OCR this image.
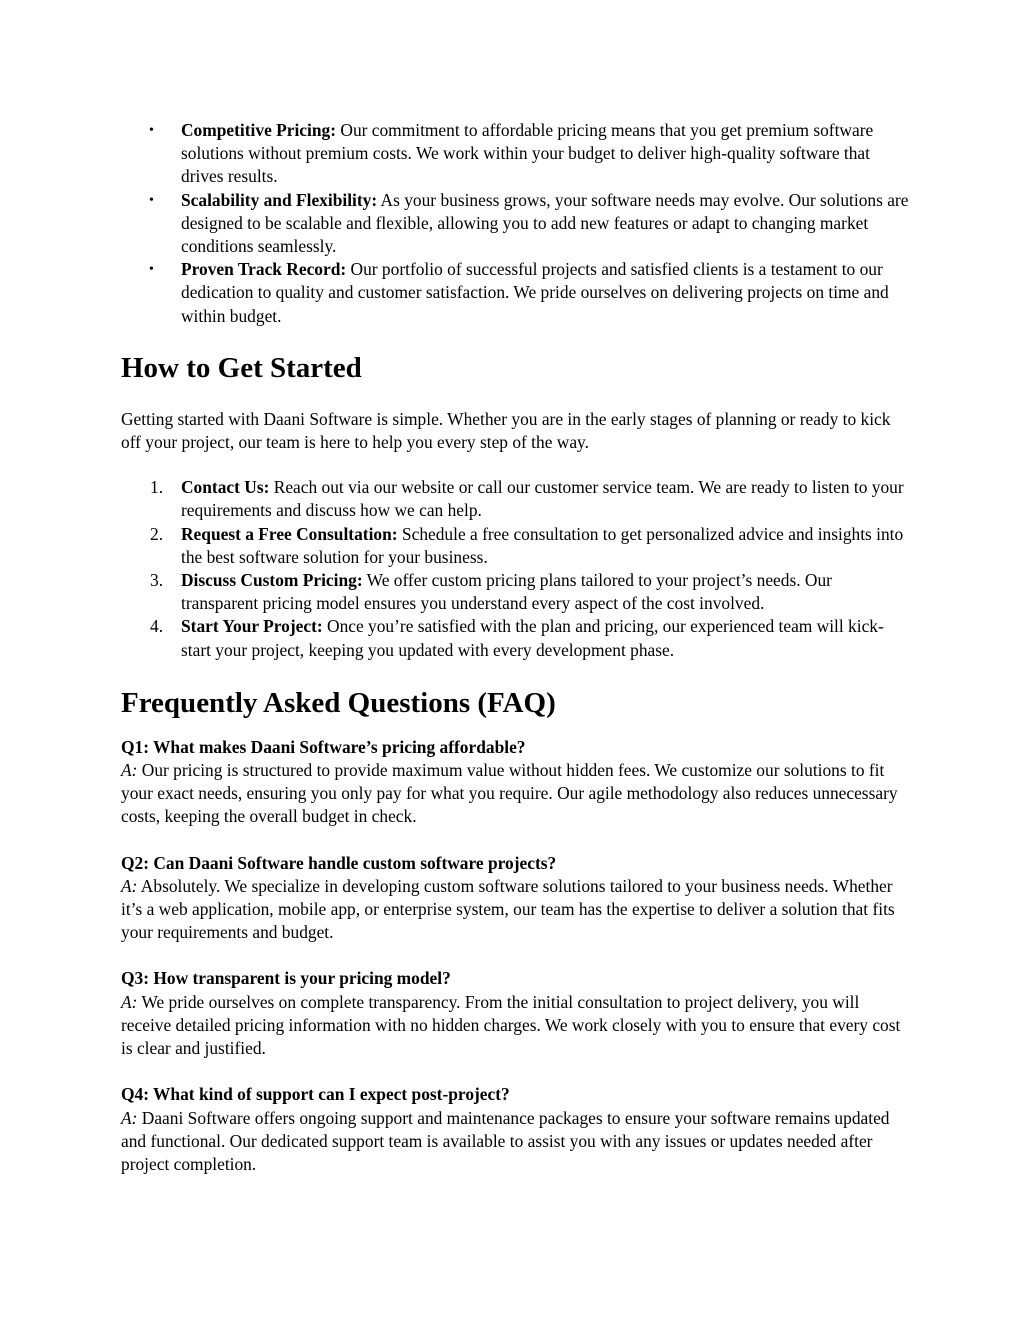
• Competitive Pricing: Our commitment to affordable pricing means that you get premium software solutions without premium costs. We work within your budget to deliver high-quality software that drives results.
• Scalability and Flexibility: As your business grows, your software needs may evolve. Our solutions are designed to be scalable and flexible, allowing you to add new features or adapt to changing market conditions seamlessly.
• Proven Track Record: Our portfolio of successful projects and satisfied clients is a testament to our dedication to quality and customer satisfaction. We pride ourselves on delivering projects on time and within budget.
How to Get Started

Getting started with Daani Software is simple. Whether you are in the early stages of planning or ready to kick off your project, our team is here to help you every step of the way.

1. Contact Us: Reach out via our website or call our customer service team. We are ready to listen to your requirements and discuss how we can help.
2. Request a Free Consultation: Schedule a free consultation to get personalized advice and insights into the best software solution for your business.
3. Discuss Custom Pricing: We offer custom pricing plans tailored to your project’s needs. Our transparent pricing model ensures you understand every aspect of the cost involved.
4. Start Your Project: Once you’re satisfied with the plan and pricing, our experienced team will kick-start your project, keeping you updated with every development phase.
Frequently Asked Questions (FAQ)
Q1: What makes Daani Software’s pricing affordable?
A: Our pricing is structured to provide maximum value without hidden fees. We customize our solutions to fit your exact needs, ensuring you only pay for what you require. Our agile methodology also reduces unnecessary costs, keeping the overall budget in check.
Q2: Can Daani Software handle custom software projects?
A: Absolutely. We specialize in developing custom software solutions tailored to your business needs. Whether it’s a web application, mobile app, or enterprise system, our team has the expertise to deliver a solution that fits your requirements and budget.
Q3: How transparent is your pricing model?
A: We pride ourselves on complete transparency. From the initial consultation to project delivery, you will receive detailed pricing information with no hidden charges. We work closely with you to ensure that every cost is clear and justified.
Q4: What kind of support can I expect post-project?
A: Daani Software offers ongoing support and maintenance packages to ensure your software remains updated and functional. Our dedicated support team is available to assist you with any issues or updates needed after project completion.
